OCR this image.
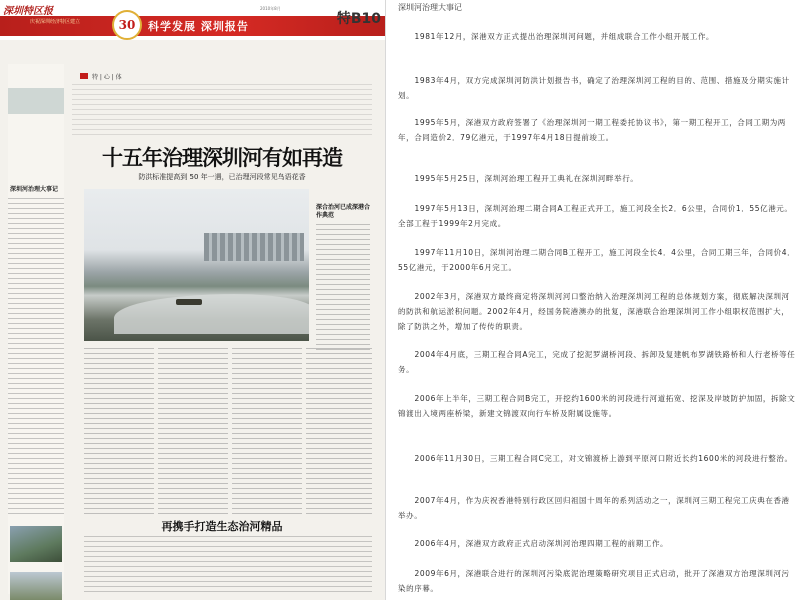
深圳特区报
庆祝深圳经济特区建立	30	科学发展 深圳报告
2010年8月
特B10
深圳河治理大事记
特 | 心 | 体
十五年治理深圳河有如再造
防洪标准提高到 50 年一遇，已治理河段常见鸟语花香
深合治河已成深港合作典范
再携手打造生态治河精品
深圳河治理大事记
1981年12月，深港双方正式提出治理深圳河问题，并组成联合工作小组开展工作。
1983年4月，双方完成深圳河防洪计划报告书，确定了治理深圳河工程的目的、范围、措施及分期实施计划。
1995年5月，深港双方政府签署了《治理深圳河一期工程委托协议书》，第一期工程开工，合同工期为两年，合同造价2．79亿港元，于1997年4月18日提前竣工。
1995年5月25日，深圳河治理工程开工典礼在深圳河畔举行。
1997年5月13日，深圳河治理二期合同A工程正式开工，施工河段全长2．6公里，合同价1．55亿港元。全部工程于1999年2月完成。
1997年11月10日，深圳河治理二期合同B工程开工，施工河段全长4．4公里，合同工期三年，合同价4．55亿港元，于2000年6月完工。
2002年3月，深港双方最终商定将深圳河河口整治纳入治理深圳河工程的总体规划方案，彻底解决深圳河的防洪和航运淤积问题。2002年4月，经国务院港澳办的批复，深港联合治理深圳河工作小组职权范围扩大，除了防洪之外，增加了传传的职责。
2004年4月底，三期工程合同A完工，完成了挖泥罗湖桥河段、拆卸及复建帆布罗湖铁路桥和人行老桥等任务。
2006年上半年，三期工程合同B完工，开挖约1600米的河段进行河道拓宽、挖深及岸坡防护加固，拆除文锦渡出入境两座桥梁，新建文锦渡双向行车桥及附属设施等。
2006年11月30日，三期工程合同C完工，对文锦渡桥上游到平原河口附近长约1600米的河段进行整治。
2007年4月，作为庆祝香港特别行政区回归祖国十周年的系列活动之一，深圳河三期工程完工庆典在香港举办。
2006年4月，深港双方政府正式启动深圳河治理四期工程的前期工作。
2009年6月，深港联合进行的深圳河污染底泥治理策略研究项目正式启动，批开了深港双方治理深圳河污染的序幕。
